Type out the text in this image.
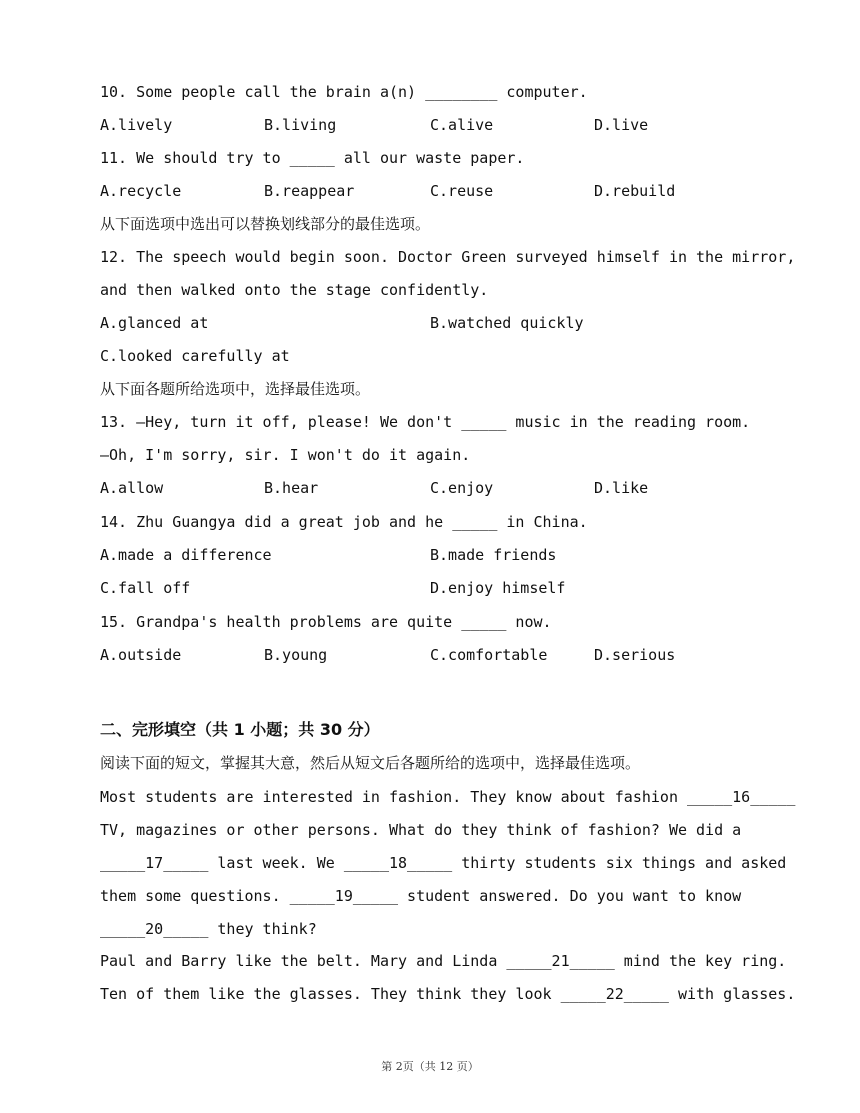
10. Some people call the brain a(n) ________ computer.
A.lively	B.living	C.alive	D.live
11. We should try to _____ all our waste paper.
A.recycle	B.reappear	C.reuse	D.rebuild
从下面选项中选出可以替换划线部分的最佳选项。
12. The speech would begin soon. Doctor Green surveyed himself in the mirror,
and then walked onto the stage confidently.
A.glanced at	B.watched quickly
C.looked carefully at
从下面各题所给选项中，选择最佳选项。
13. —Hey, turn it off, please! We don't _____ music in the reading room.
—Oh, I'm sorry, sir. I won't do it again.
A.allow	B.hear	C.enjoy	D.like
14. Zhu Guangya did a great job and he _____ in China.
A.made a difference	B.made friends
C.fall off	D.enjoy himself
15. Grandpa's health problems are quite _____ now.
A.outside	B.young	C.comfortable	D.serious
二、完形填空（共 1 小题；共 30 分）
阅读下面的短文，掌握其大意，然后从短文后各题所给的选项中，选择最佳选项。
Most students are interested in fashion. They know about fashion _____16_____
TV, magazines or other persons. What do they think of fashion? We did a
_____17_____ last week. We _____18_____ thirty students six things and asked
them some questions. _____19_____ student answered. Do you want to know
_____20_____ they think?
Paul and Barry like the belt. Mary and Linda _____21_____ mind the key ring.
Ten of them like the glasses. They think they look _____22_____ with glasses.
第 2页（共 12 页）
